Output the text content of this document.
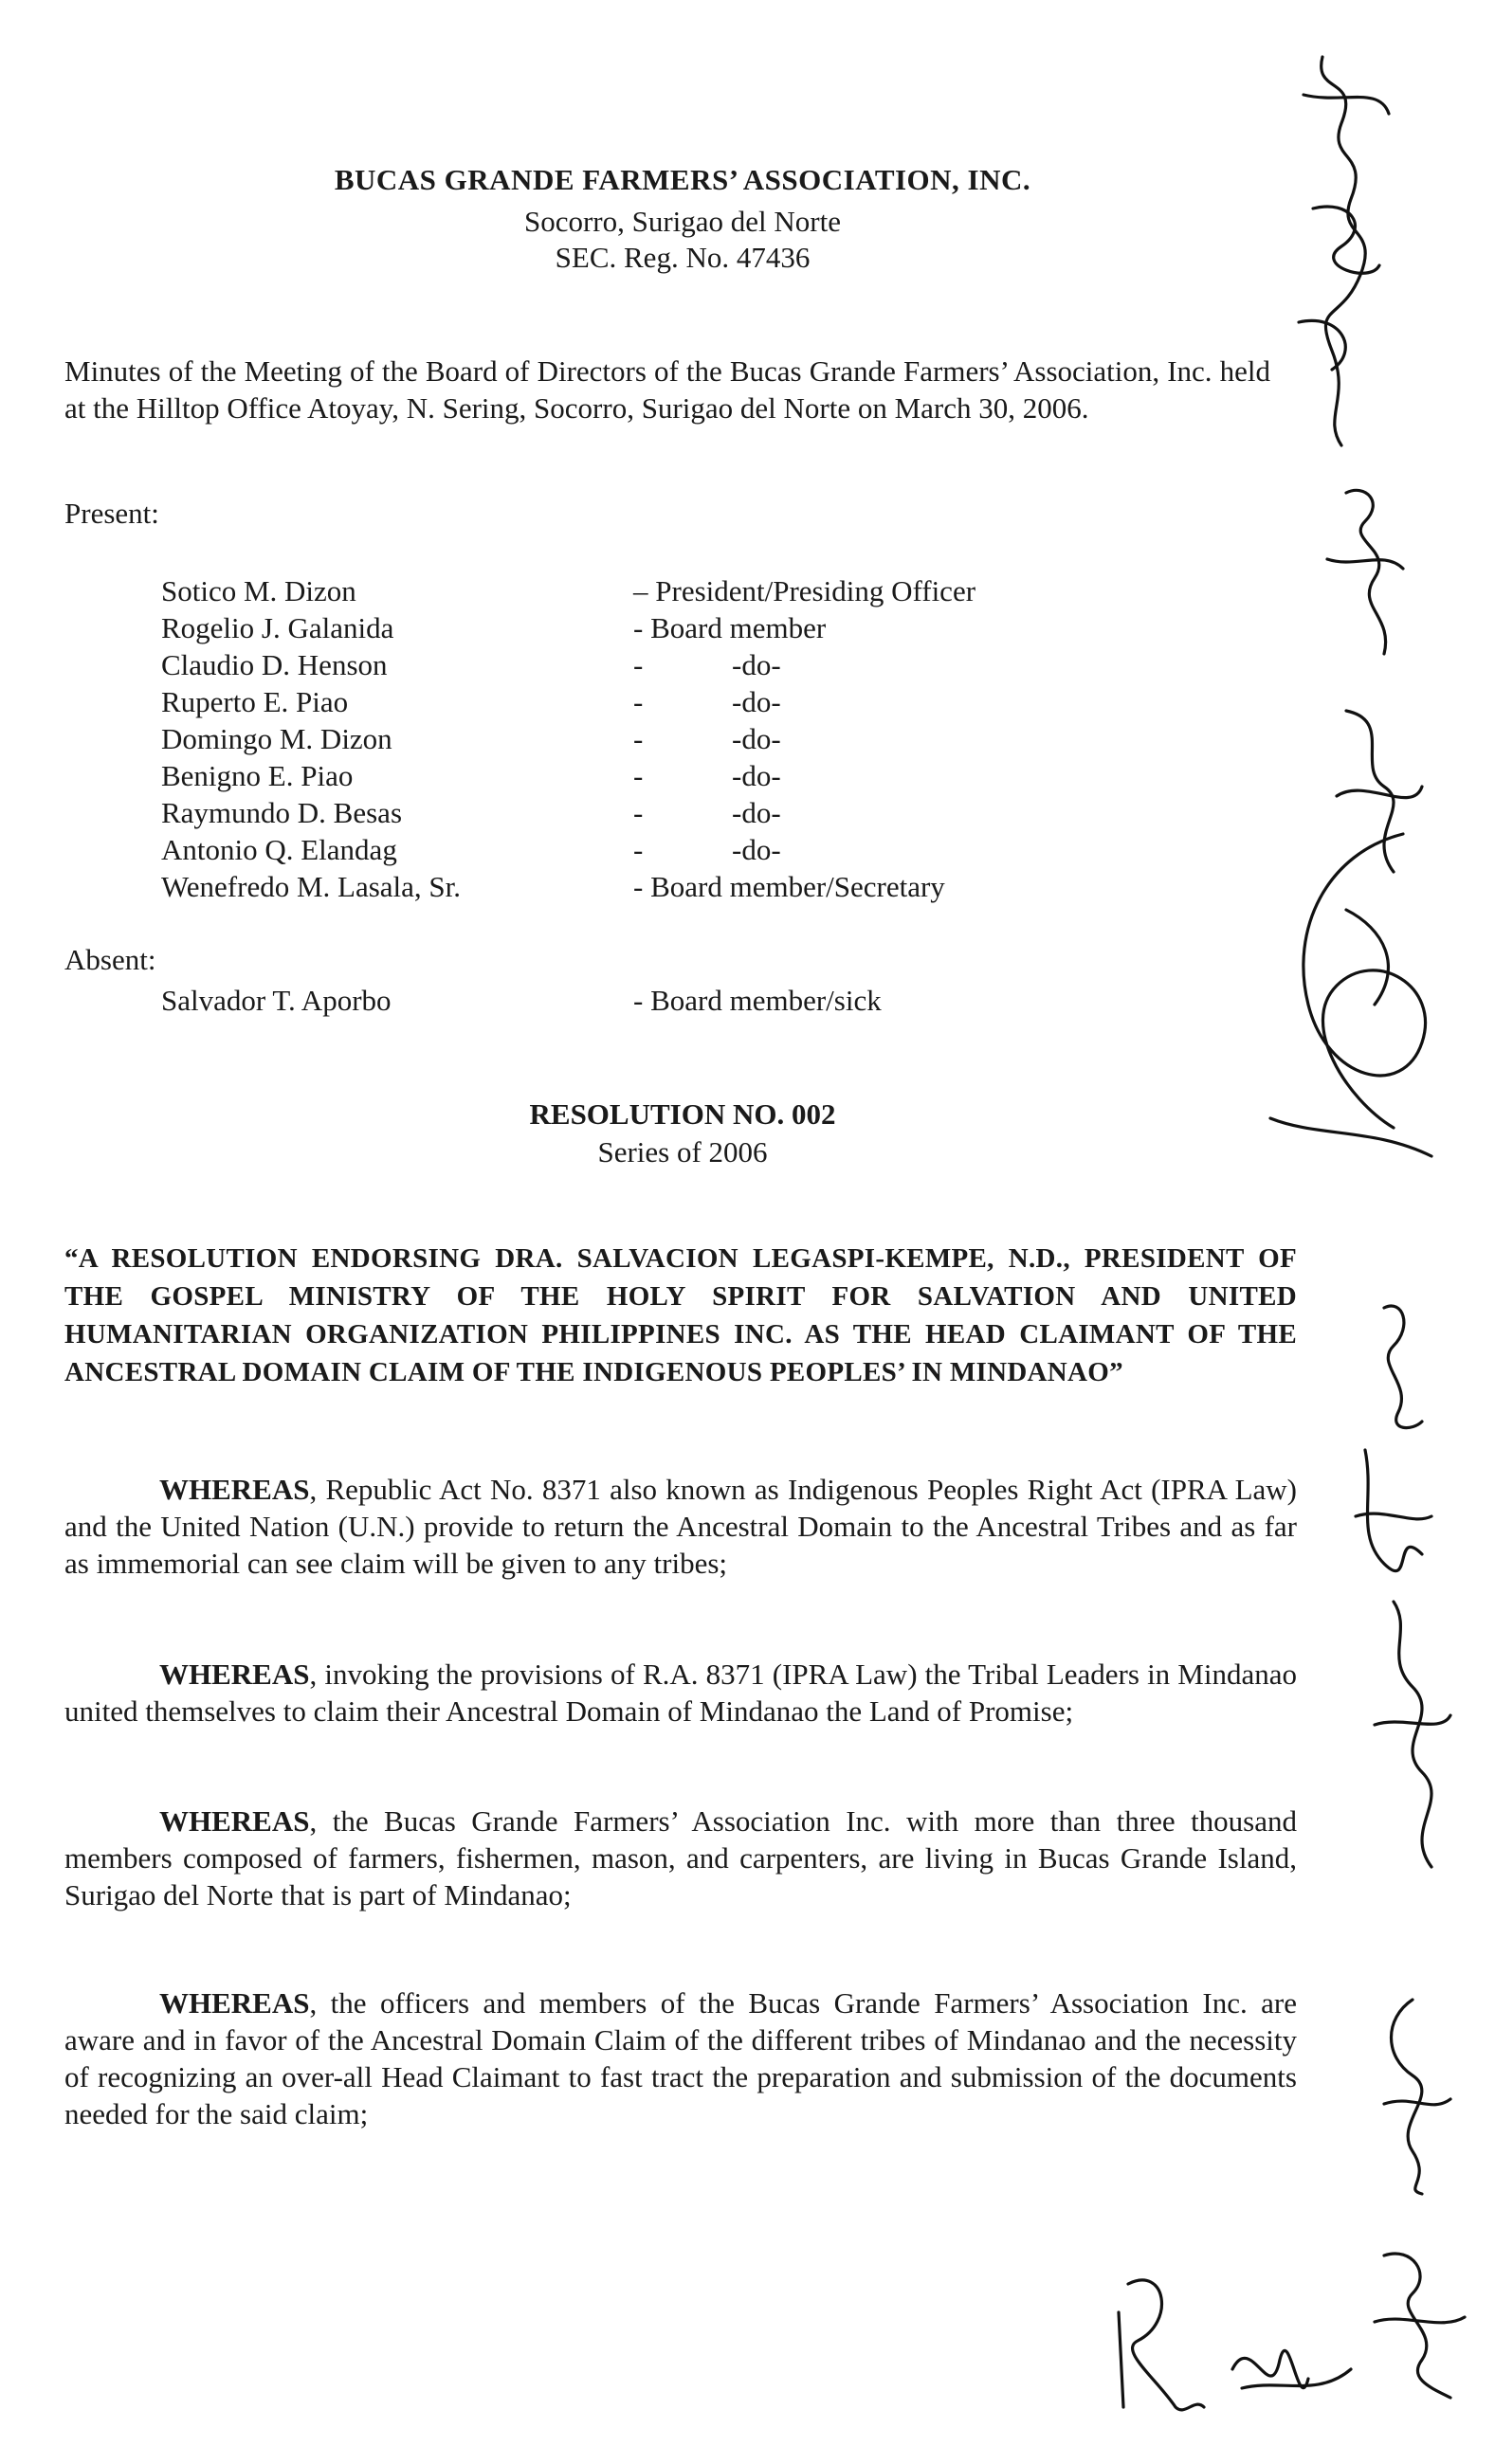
BUCAS GRANDE FARMERS’ ASSOCIATION, INC.
Socorro, Surigao del Norte
SEC. Reg. No. 47436
Minutes of the Meeting of the Board of Directors of the Bucas Grande Farmers’ Association, Inc. held at the Hilltop Office Atoyay, N. Sering, Socorro, Surigao del Norte on March 30, 2006.
Present:
Sotico M. Dizon	– President/Presiding Officer
Rogelio J. Galanida	- Board member
Claudio D. Henson	-	-do-
Ruperto E. Piao	-	-do-
Domingo M. Dizon	-	-do-
Benigno E. Piao	-	-do-
Raymundo D. Besas	-	-do-
Antonio Q. Elandag	-	-do-
Wenefredo M. Lasala, Sr.	- Board member/Secretary
Absent:
Salvador T. Aporbo	- Board member/sick
RESOLUTION NO. 002
Series of 2006
“A RESOLUTION ENDORSING DRA. SALVACION LEGASPI-KEMPE, N.D., PRESIDENT OF THE GOSPEL MINISTRY OF THE HOLY SPIRIT FOR SALVATION AND UNITED HUMANITARIAN ORGANIZATION PHILIPPINES INC. AS THE HEAD CLAIMANT OF THE ANCESTRAL DOMAIN CLAIM OF THE INDIGENOUS PEOPLES’ IN MINDANAO”
WHEREAS, Republic Act No. 8371 also known as Indigenous Peoples Right Act (IPRA Law) and the United Nation (U.N.) provide to return the Ancestral Domain to the Ancestral Tribes and as far as immemorial can see claim will be given to any tribes;
WHEREAS, invoking the provisions of R.A. 8371 (IPRA Law) the Tribal Leaders in Mindanao united themselves to claim their Ancestral Domain of Mindanao the Land of Promise;
WHEREAS, the Bucas Grande Farmers’ Association Inc. with more than three thousand members composed of farmers, fishermen, mason, and carpenters, are living in Bucas Grande Island, Surigao del Norte that is part of Mindanao;
WHEREAS, the officers and members of the Bucas Grande Farmers’ Association Inc. are aware and in favor of the Ancestral Domain Claim of the different tribes of Mindanao and the necessity of recognizing an over-all Head Claimant to fast tract the preparation and submission of the documents needed for the said claim;
